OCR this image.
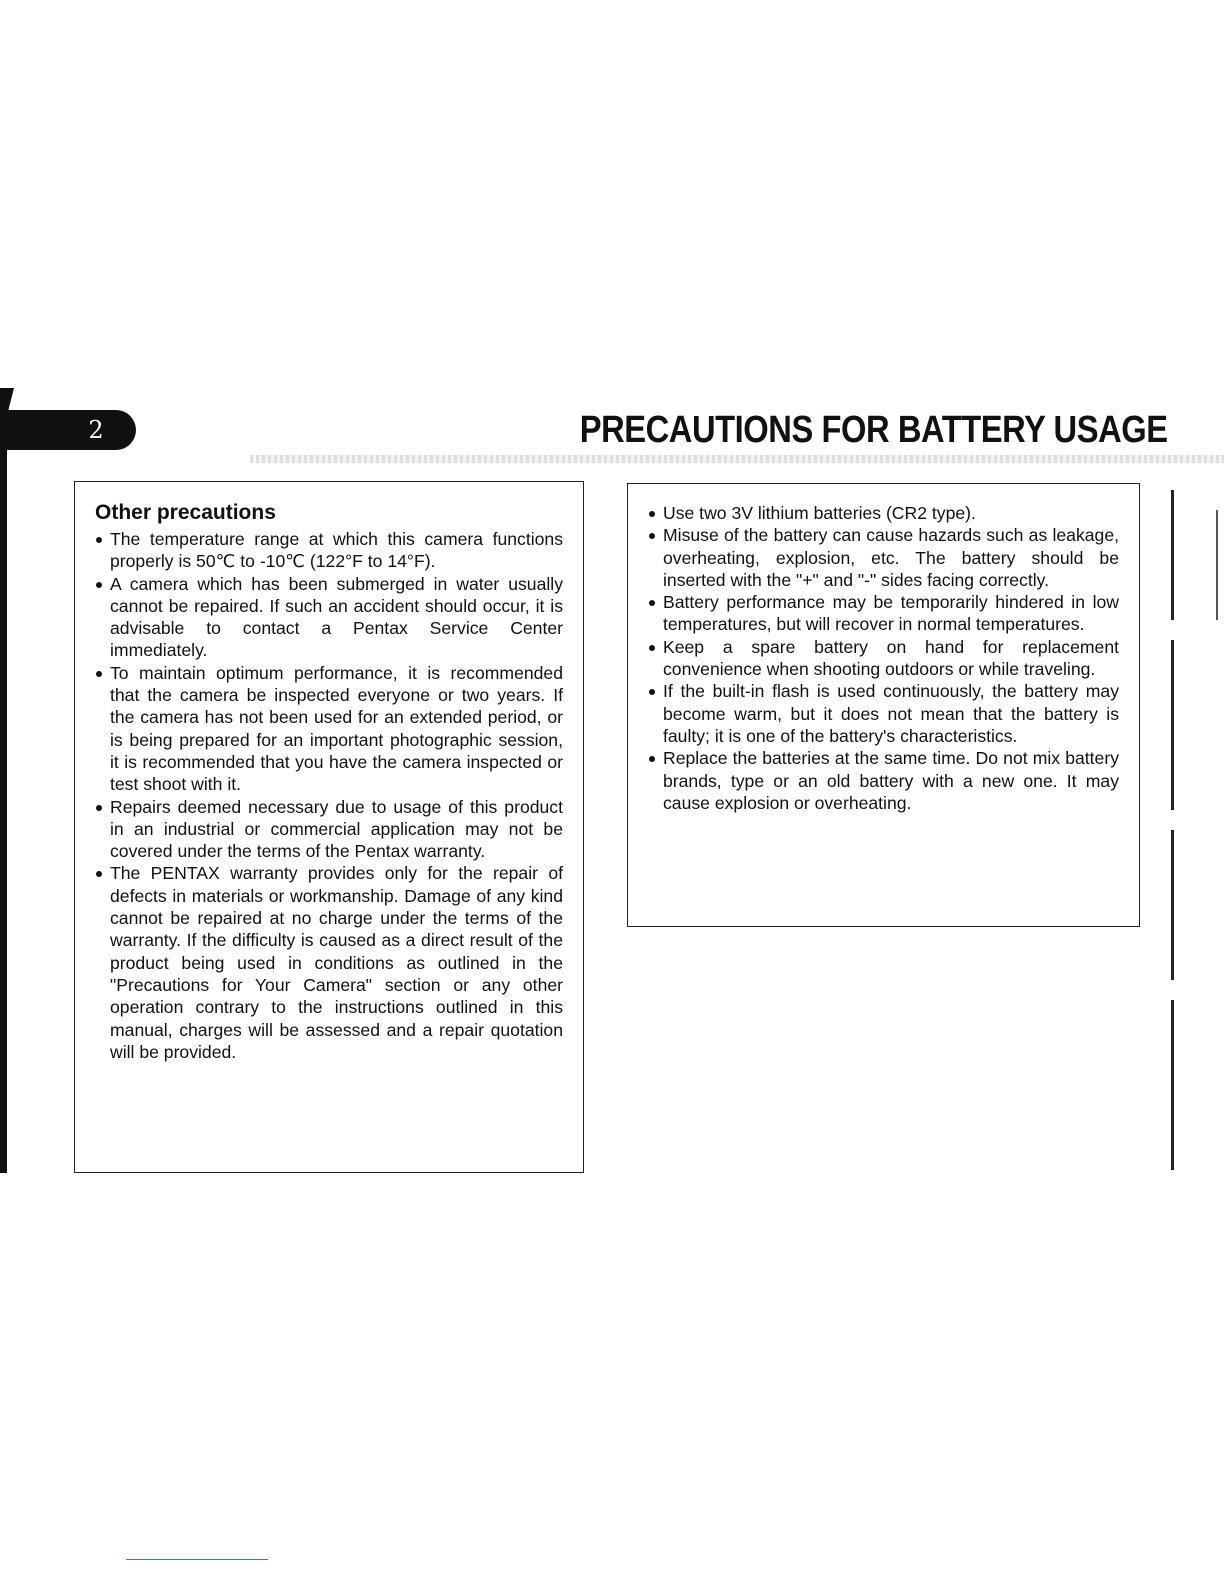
2	PRECAUTIONS FOR BATTERY USAGE
Other precautions
The temperature range at which this camera functions properly is 50℃ to -10℃ (122°F to 14°F).
A camera which has been submerged in water usually cannot be repaired. If such an accident should occur, it is advisable to contact a Pentax Service Center immediately.
To maintain optimum performance, it is recommended that the camera be inspected everyone or two years. If the camera has not been used for an extended period, or is being prepared for an important photographic session, it is recommended that you have the camera inspected or test shoot with it.
Repairs deemed necessary due to usage of this product in an industrial or commercial application may not be covered under the terms of the Pentax warranty.
The PENTAX warranty provides only for the repair of defects in materials or workmanship. Damage of any kind cannot be repaired at no charge under the terms of the warranty. If the difficulty is caused as a direct result of the product being used in conditions as outlined in the "Precautions for Your Camera" section or any other operation contrary to the instructions outlined in this manual, charges will be assessed and a repair quotation will be provided.
Use two 3V lithium batteries (CR2 type).
Misuse of the battery can cause hazards such as leakage, overheating, explosion, etc. The battery should be inserted with the "+" and "-" sides facing correctly.
Battery performance may be temporarily hindered in low temperatures, but will recover in normal temperatures.
Keep a spare battery on hand for replacement convenience when shooting outdoors or while traveling.
If the built-in flash is used continuously, the battery may become warm, but it does not mean that the battery is faulty; it is one of the battery's characteristics.
Replace the batteries at the same time. Do not mix battery brands, type or an old battery with a new one. It may cause explosion or overheating.
